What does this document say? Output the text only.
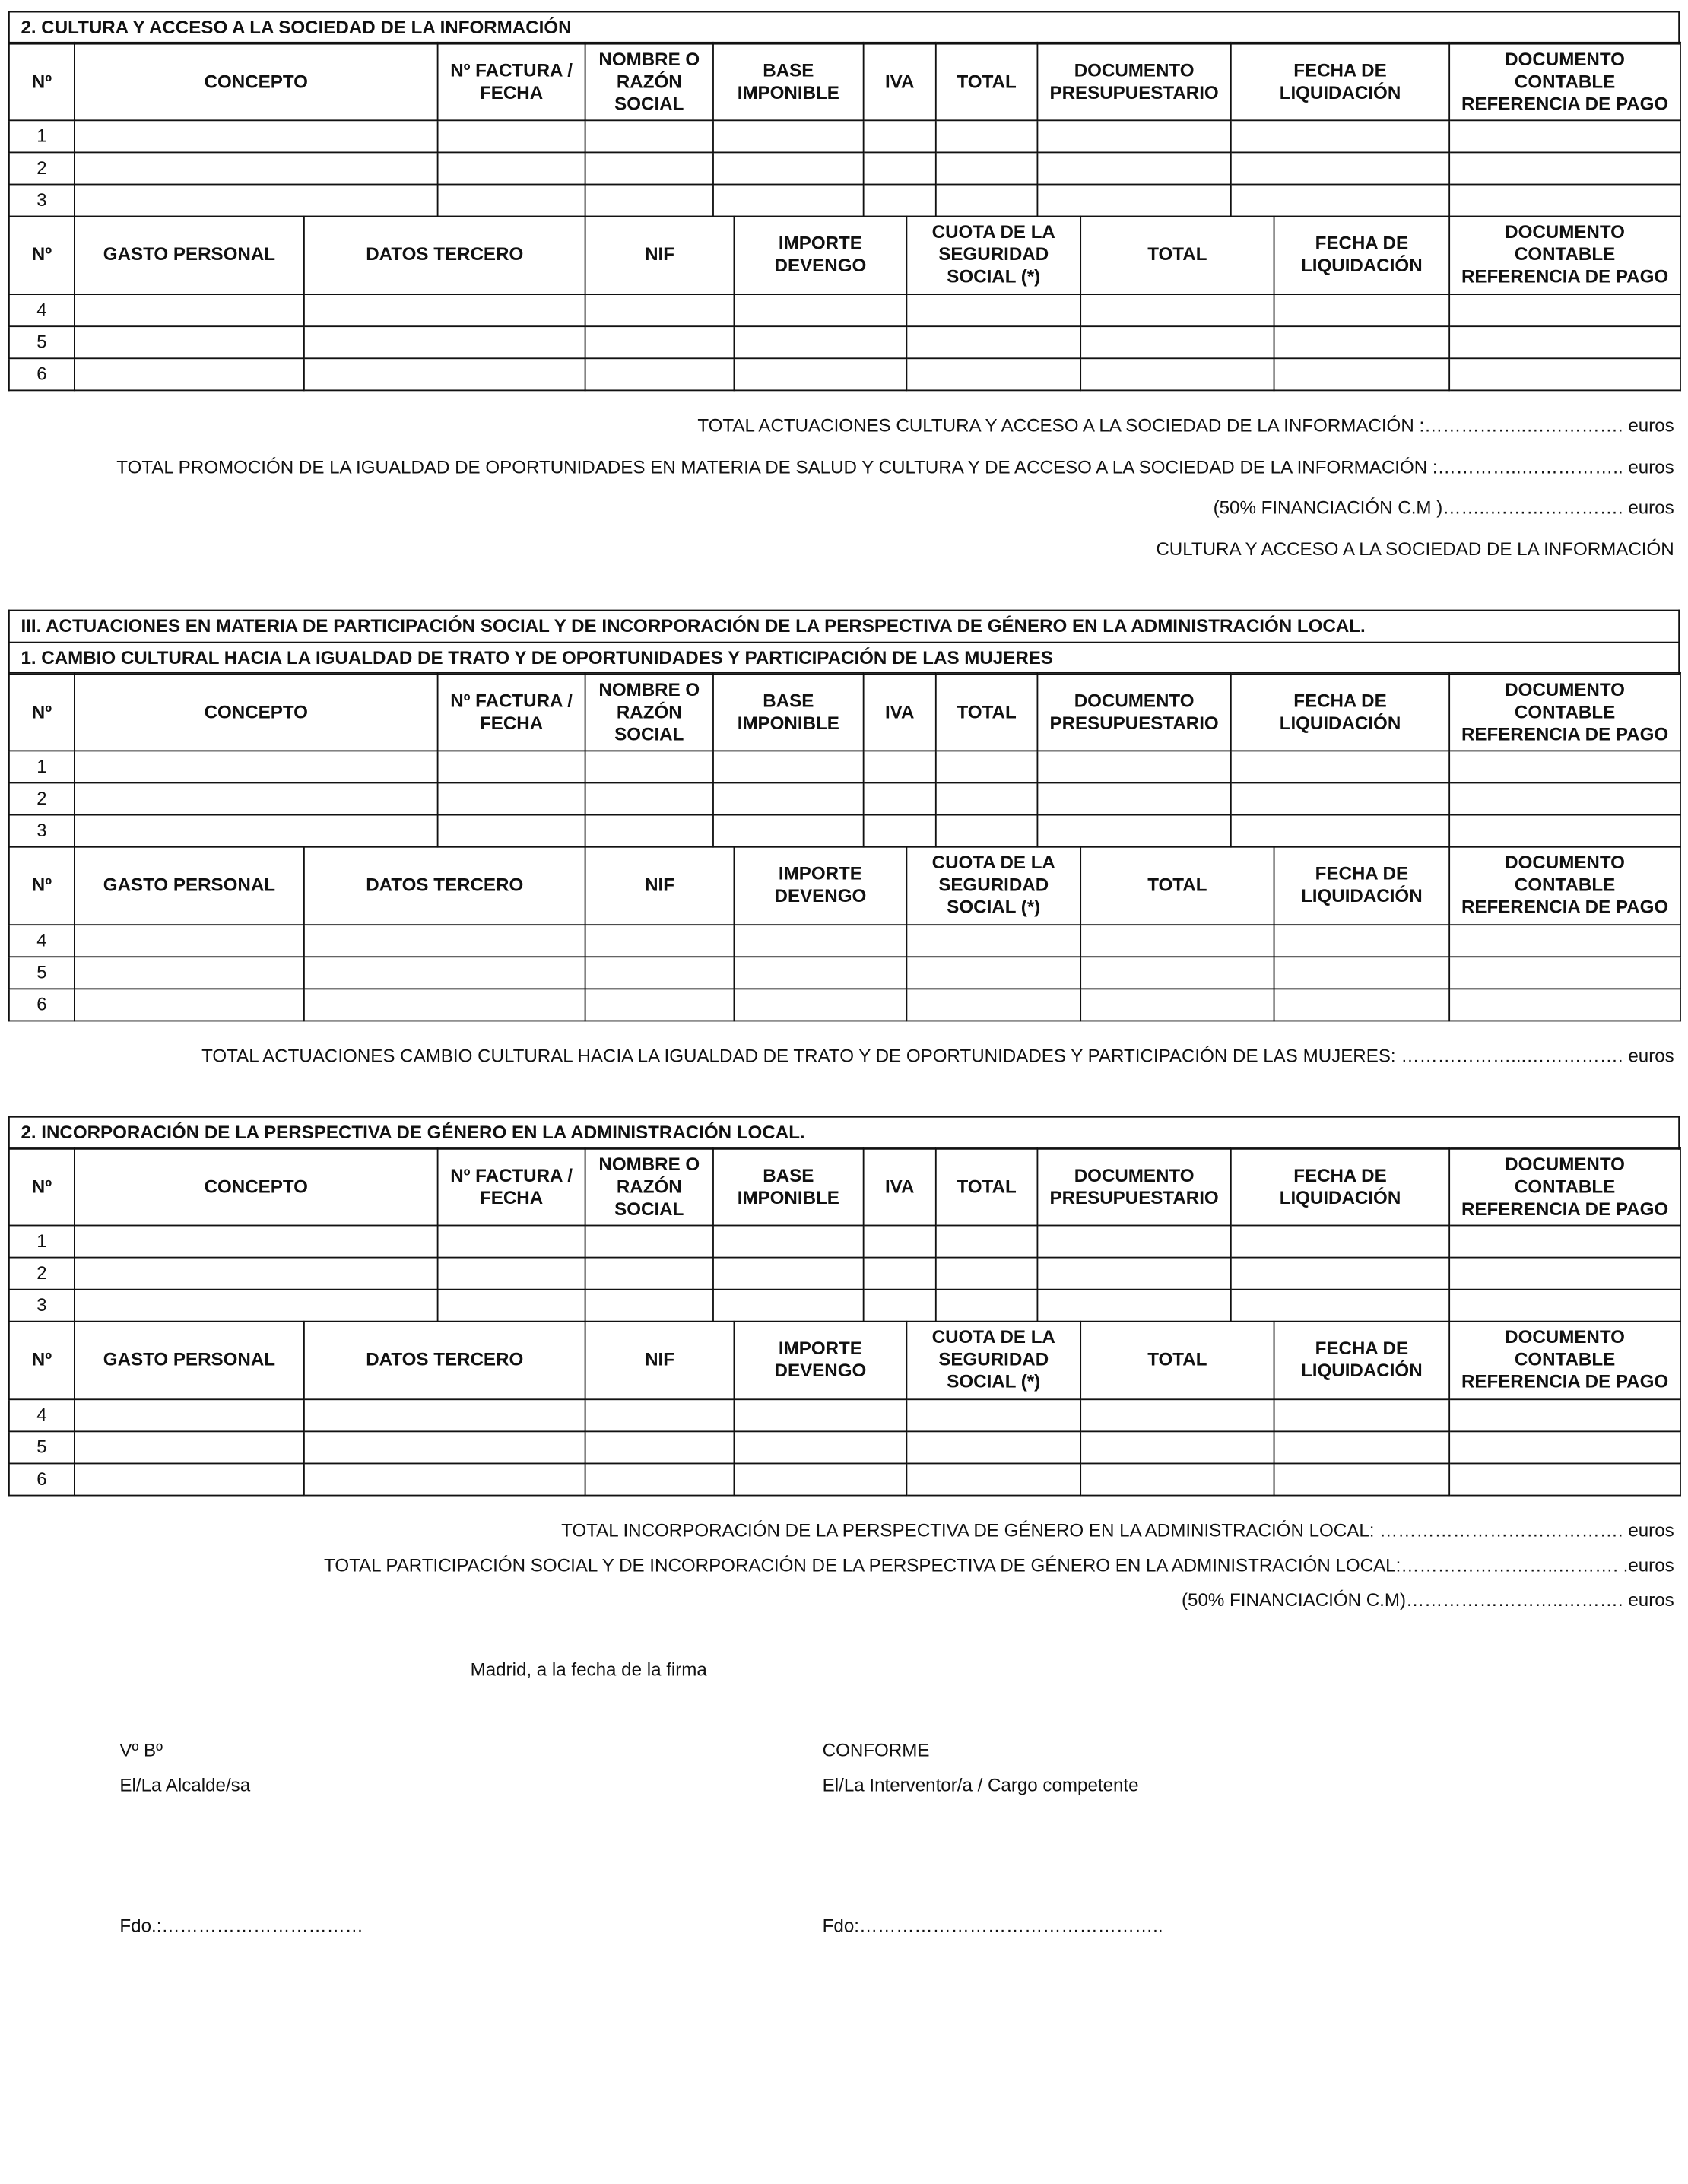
2. CULTURA Y ACCESO A LA SOCIEDAD DE LA INFORMACIÓN
Nº	CONCEPTO	Nº FACTURA / FECHA	NOMBRE O RAZÓN SOCIAL	BASE IMPONIBLE	IVA	TOTAL	DOCUMENTO PRESUPUESTARIO	FECHA DE LIQUIDACIÓN	DOCUMENTO CONTABLE REFERENCIA DE PAGO
1									
2									
3									
Nº	GASTO PERSONAL	DATOS TERCERO	NIF	IMPORTE DEVENGO	CUOTA DE LA SEGURIDAD SOCIAL (*)	TOTAL	FECHA DE LIQUIDACIÓN	DOCUMENTO CONTABLE REFERENCIA DE PAGO
4								
5								
6								
TOTAL ACTUACIONES CULTURA Y ACCESO A LA SOCIEDAD DE LA INFORMACIÓN :……………..……………. euros
TOTAL PROMOCIÓN DE LA IGUALDAD DE OPORTUNIDADES EN MATERIA DE SALUD Y CULTURA Y DE ACCESO A LA SOCIEDAD DE LA INFORMACIÓN :…………..…………….. euros
(50% FINANCIACIÓN C.M )……..…………………. euros
CULTURA Y ACCESO A LA SOCIEDAD DE LA INFORMACIÓN
III. ACTUACIONES EN MATERIA DE PARTICIPACIÓN SOCIAL Y DE INCORPORACIÓN DE LA PERSPECTIVA DE GÉNERO EN LA ADMINISTRACIÓN LOCAL.
1. CAMBIO CULTURAL HACIA LA IGUALDAD DE TRATO Y DE OPORTUNIDADES Y PARTICIPACIÓN DE LAS MUJERES
Nº	CONCEPTO	Nº FACTURA / FECHA	NOMBRE O RAZÓN SOCIAL	BASE IMPONIBLE	IVA	TOTAL	DOCUMENTO PRESUPUESTARIO	FECHA DE LIQUIDACIÓN	DOCUMENTO CONTABLE REFERENCIA DE PAGO
1									
2									
3									
Nº	GASTO PERSONAL	DATOS TERCERO	NIF	IMPORTE DEVENGO	CUOTA DE LA SEGURIDAD SOCIAL (*)	TOTAL	FECHA DE LIQUIDACIÓN	DOCUMENTO CONTABLE REFERENCIA DE PAGO
4								
5								
6								
TOTAL ACTUACIONES CAMBIO CULTURAL HACIA LA IGUALDAD DE TRATO Y DE OPORTUNIDADES Y PARTICIPACIÓN DE LAS MUJERES: ………………...……………. euros
2. INCORPORACIÓN DE LA PERSPECTIVA DE GÉNERO EN LA ADMINISTRACIÓN LOCAL.
Nº	CONCEPTO	Nº FACTURA / FECHA	NOMBRE O RAZÓN SOCIAL	BASE IMPONIBLE	IVA	TOTAL	DOCUMENTO PRESUPUESTARIO	FECHA DE LIQUIDACIÓN	DOCUMENTO CONTABLE REFERENCIA DE PAGO
1									
2									
3									
Nº	GASTO PERSONAL	DATOS TERCERO	NIF	IMPORTE DEVENGO	CUOTA DE LA SEGURIDAD SOCIAL (*)	TOTAL	FECHA DE LIQUIDACIÓN	DOCUMENTO CONTABLE REFERENCIA DE PAGO
4								
5								
6								
TOTAL INCORPORACIÓN DE LA PERSPECTIVA DE GÉNERO EN LA ADMINISTRACIÓN LOCAL: …………………………………. euros
TOTAL PARTICIPACIÓN SOCIAL Y DE INCORPORACIÓN DE LA PERSPECTIVA DE GÉNERO EN LA ADMINISTRACIÓN LOCAL:……………………..………. .euros
(50% FINANCIACIÓN C.M)……………………..………. euros
Madrid, a la fecha de la firma
Vº Bº	CONFORME
El/La Alcalde/sa	El/La Interventor/a / Cargo competente
Fdo.:……………………………	Fdo:…………………………………………..
